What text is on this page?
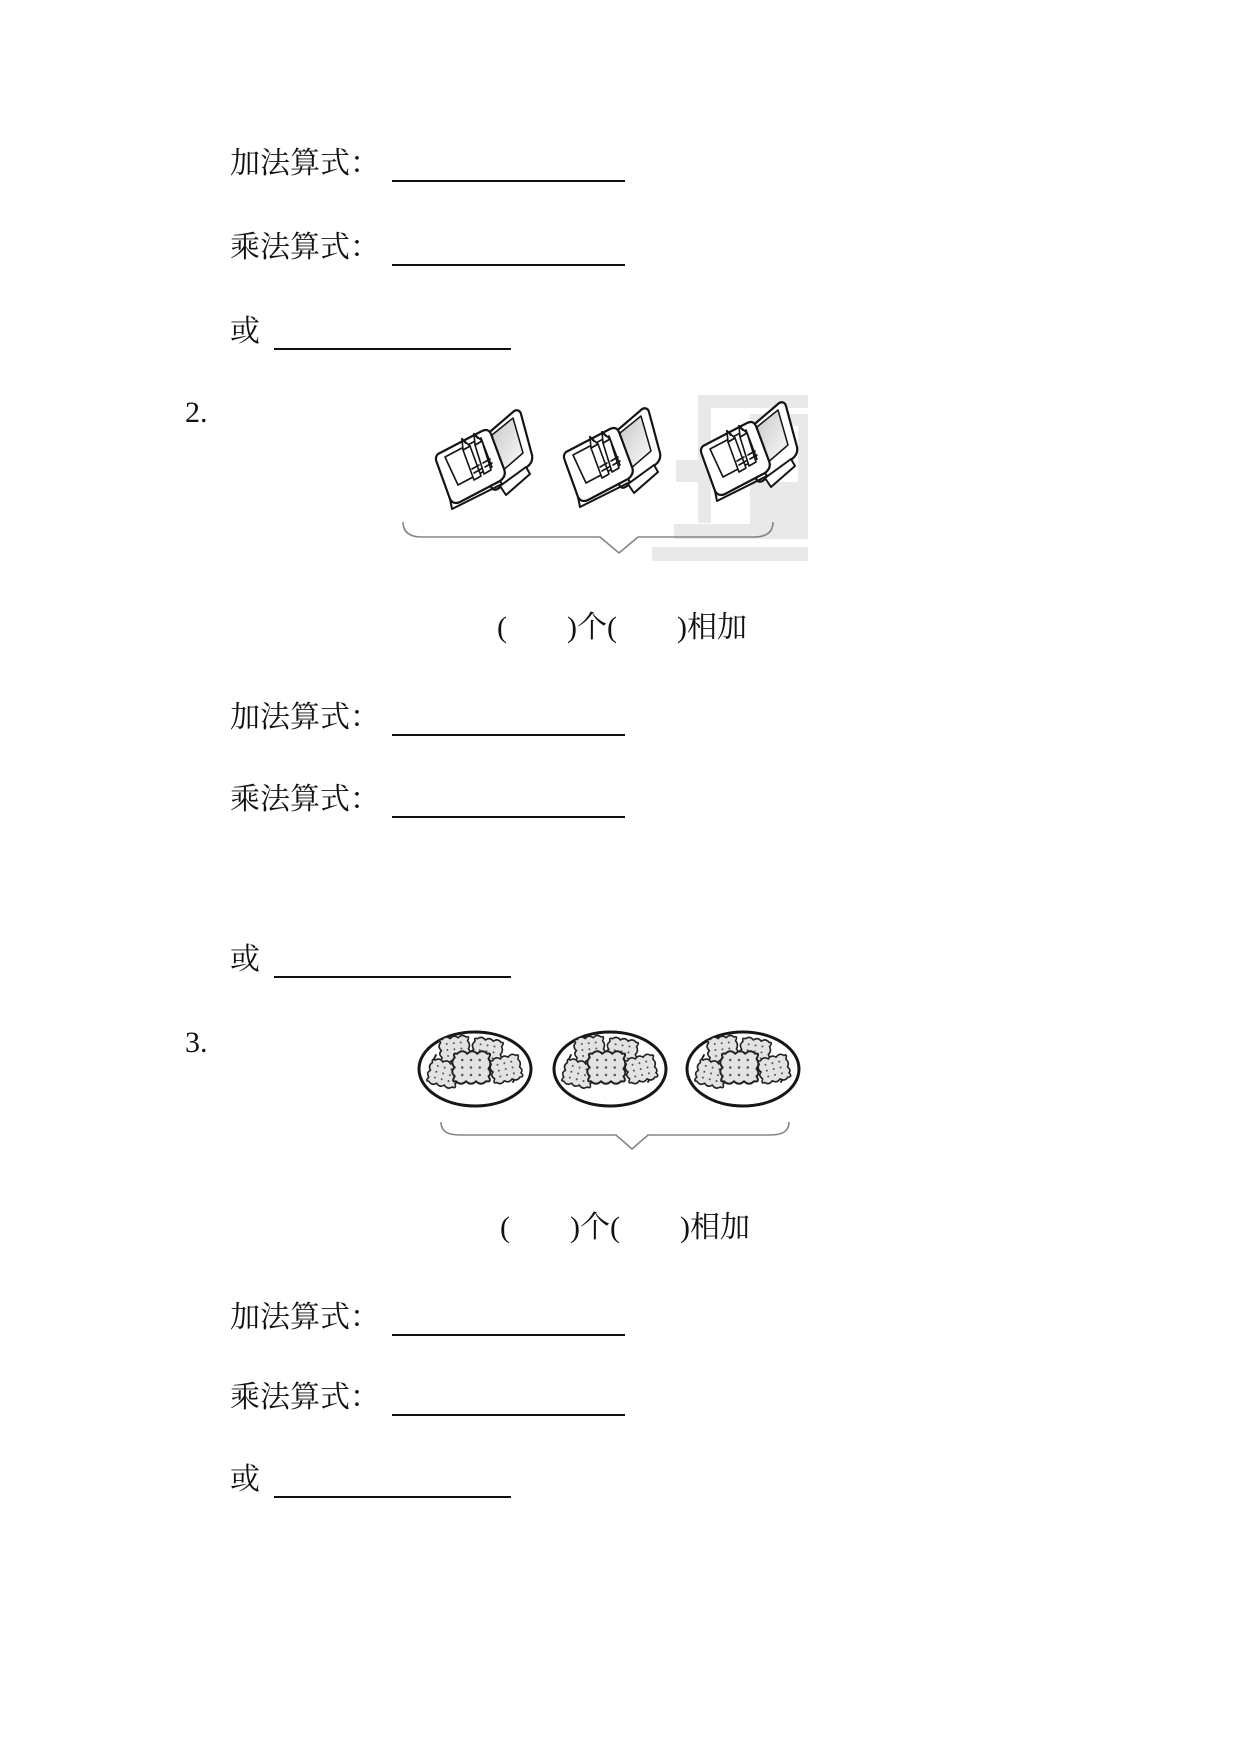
加法算式：
乘法算式：
或
2.
(        )个(        )相加
加法算式：
乘法算式：
或
3.
(        )个(        )相加
加法算式：
乘法算式：
或
